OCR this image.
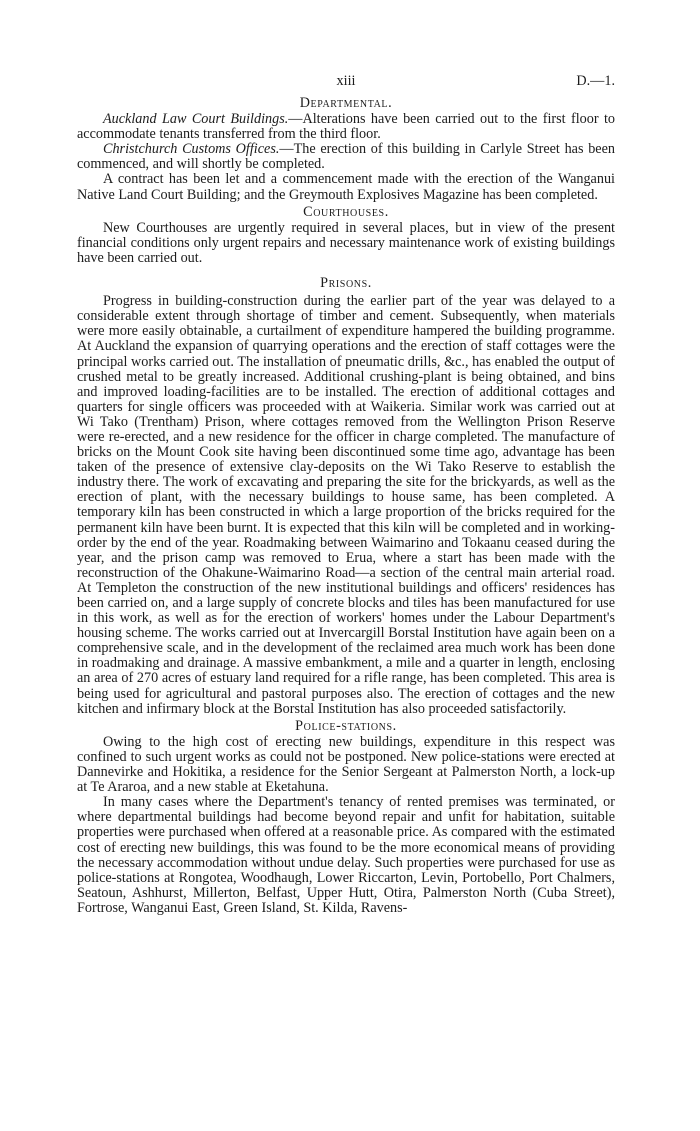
xiii	D.—1.
Departmental.

Auckland Law Court Buildings.—Alterations have been carried out to the first floor to accommodate tenants transferred from the third floor.

Christchurch Customs Offices.—The erection of this building in Carlyle Street has been commenced, and will shortly be completed.

A contract has been let and a commencement made with the erection of the Wanganui Native Land Court Building; and the Greymouth Explosives Magazine has been completed.

Courthouses.

New Courthouses are urgently required in several places, but in view of the present financial conditions only urgent repairs and necessary maintenance work of existing buildings have been carried out.

Prisons.

Progress in building-construction during the earlier part of the year was delayed to a considerable extent through shortage of timber and cement. Subsequently, when materials were more easily obtainable, a curtailment of expenditure hampered the building programme. At Auckland the expansion of quarrying operations and the erection of staff cottages were the principal works carried out. The installation of pneumatic drills, &c., has enabled the output of crushed metal to be greatly increased. Additional crushing-plant is being obtained, and bins and improved loading-facilities are to be installed. The erection of additional cottages and quarters for single officers was proceeded with at Waikeria. Similar work was carried out at Wi Tako (Trentham) Prison, where cottages removed from the Wellington Prison Reserve were re-erected, and a new residence for the officer in charge completed. The manufacture of bricks on the Mount Cook site having been discontinued some time ago, advantage has been taken of the presence of extensive clay-deposits on the Wi Tako Reserve to establish the industry there. The work of excavating and preparing the site for the brickyards, as well as the erection of plant, with the necessary buildings to house same, has been completed. A temporary kiln has been constructed in which a large proportion of the bricks required for the permanent kiln have been burnt. It is expected that this kiln will be completed and in working-order by the end of the year. Roadmaking between Waimarino and Tokaanu ceased during the year, and the prison camp was removed to Erua, where a start has been made with the reconstruction of the Ohakune-Waimarino Road—a section of the central main arterial road. At Templeton the construction of the new institutional buildings and officers' residences has been carried on, and a large supply of concrete blocks and tiles has been manufactured for use in this work, as well as for the erection of workers' homes under the Labour Department's housing scheme. The works carried out at Invercargill Borstal Institution have again been on a comprehensive scale, and in the development of the reclaimed area much work has been done in roadmaking and drainage. A massive embankment, a mile and a quarter in length, enclosing an area of 270 acres of estuary land required for a rifle range, has been completed. This area is being used for agricultural and pastoral purposes also. The erection of cottages and the new kitchen and infirmary block at the Borstal Institution has also proceeded satisfactorily.

Police-stations.

Owing to the high cost of erecting new buildings, expenditure in this respect was confined to such urgent works as could not be postponed. New police-stations were erected at Dannevirke and Hokitika, a residence for the Senior Sergeant at Palmerston North, a lock-up at Te Araroa, and a new stable at Eketahuna.

In many cases where the Department's tenancy of rented premises was terminated, or where departmental buildings had become beyond repair and unfit for habitation, suitable properties were purchased when offered at a reasonable price. As compared with the estimated cost of erecting new buildings, this was found to be the more economical means of providing the necessary accommodation without undue delay. Such properties were purchased for use as police-stations at Rongotea, Woodhaugh, Lower Riccarton, Levin, Portobello, Port Chalmers, Seatoun, Ashhurst, Millerton, Belfast, Upper Hutt, Otira, Palmerston North (Cuba Street), Fortrose, Wanganui East, Green Island, St. Kilda, Ravens-
